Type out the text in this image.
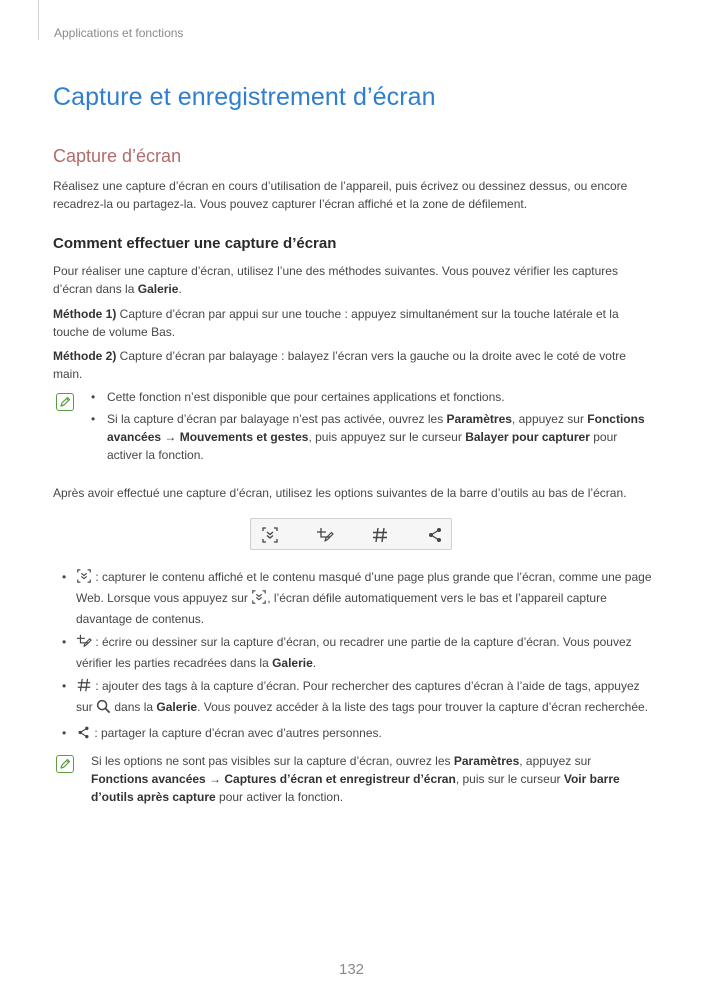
Applications et fonctions
Capture et enregistrement d’écran
Capture d’écran
Réalisez une capture d’écran en cours d’utilisation de l’appareil, puis écrivez ou dessinez dessus, ou encore recadrez-la ou partagez-la. Vous pouvez capturer l’écran affiché et la zone de défilement.
Comment effectuer une capture d’écran
Pour réaliser une capture d’écran, utilisez l’une des méthodes suivantes. Vous pouvez vérifier les captures d’écran dans la Galerie.
Méthode 1) Capture d’écran par appui sur une touche : appuyez simultanément sur la touche latérale et la touche de volume Bas.
Méthode 2) Capture d’écran par balayage : balayez l’écran vers la gauche ou la droite avec le coté de votre main.
• Cette fonction n’est disponible que pour certaines applications et fonctions.
• Si la capture d’écran par balayage n’est pas activée, ouvrez les Paramètres, appuyez sur Fonctions avancées → Mouvements et gestes, puis appuyez sur le curseur Balayer pour capturer pour activer la fonction.
Après avoir effectué une capture d’écran, utilisez les options suivantes de la barre d’outils au bas de l’écran.
• : capturer le contenu affiché et le contenu masqué d’une page plus grande que l’écran, comme une page Web. Lorsque vous appuyez sur , l’écran défile automatiquement vers le bas et l’appareil capture davantage de contenus.
• : écrire ou dessiner sur la capture d’écran, ou recadrer une partie de la capture d’écran. Vous pouvez vérifier les parties recadrées dans la Galerie.
• : ajouter des tags à la capture d’écran. Pour rechercher des captures d’écran à l’aide de tags, appuyez sur  dans la Galerie. Vous pouvez accéder à la liste des tags pour trouver la capture d’écran recherchée.
• : partager la capture d’écran avec d’autres personnes.
Si les options ne sont pas visibles sur la capture d’écran, ouvrez les Paramètres, appuyez sur Fonctions avancées → Captures d’écran et enregistreur d’écran, puis sur le curseur Voir barre d’outils après capture pour activer la fonction.
132
